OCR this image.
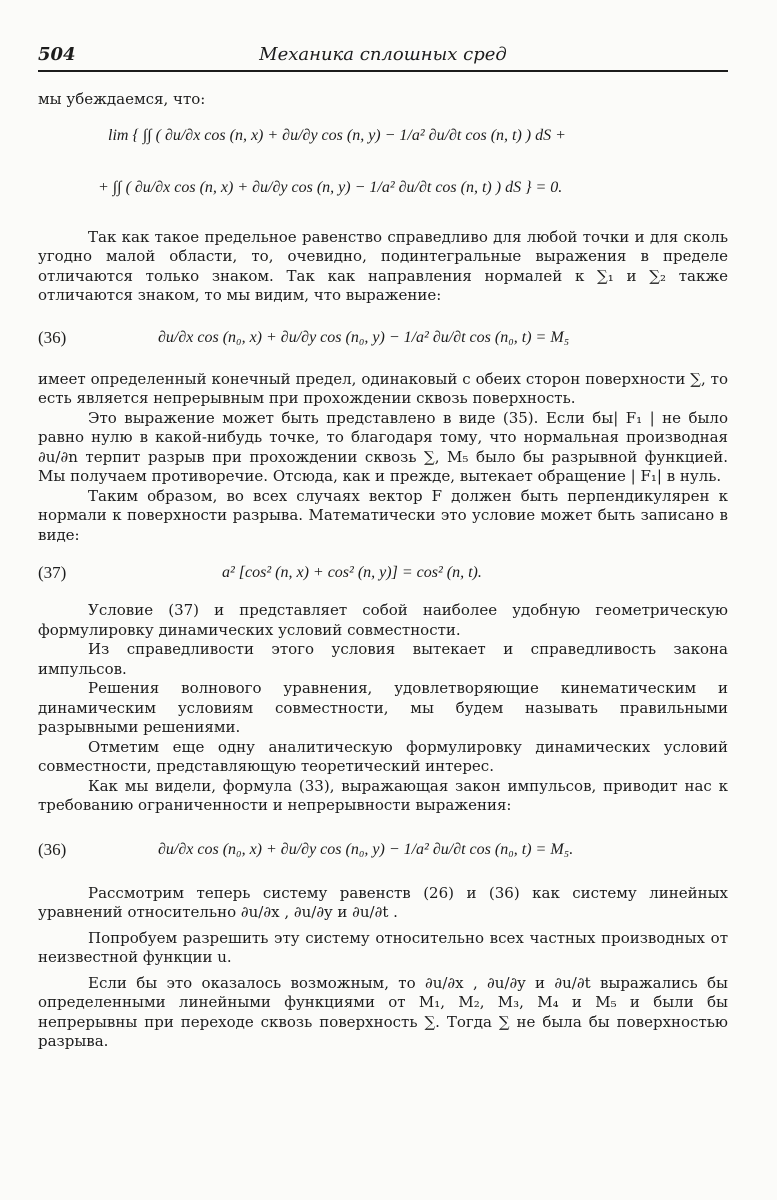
504	Механика сплошных сред

мы убеждаемся, что:

lim { ∫∫ ( ∂u/∂x cos (n, x) + ∂u/∂y cos (n, y) − 1/a² ∂u/∂t cos (n, t) ) dS +
+ ∫∫ ( ∂u/∂x cos (n, x) + ∂u/∂y cos (n, y) − 1/a² ∂u/∂t cos (n, t) ) dS } = 0.

Так как такое предельное равенство справедливо для любой точки и для сколь угодно малой области, то, очевидно, подинтегральные выражения в пределе отличаются только знаком. Так как направления нормалей к ∑₁ и ∑₂ также отличаются знаком, то мы видим, что выражение:

(36)	∂u/∂x cos (n₀, x) + ∂u/∂y cos (n₀, y) − 1/a² ∂u/∂t cos (n₀, t) = M₅

имеет определенный конечный предел, одинаковый с обеих сторон поверхности ∑, то есть является непрерывным при прохождении сквозь поверхность.

Это выражение может быть представлено в виде (35). Если бы| F₁ | не было равно нулю в какой-нибудь точке, то благодаря тому, что нормальная производная ∂u/∂n терпит разрыв при прохождении сквозь ∑, M₅ было бы разрывной функцией. Мы получаем противоречие. Отсюда, как и прежде, вытекает обращение | F₁| в нуль.

Таким образом, во всех случаях вектор F должен быть перпендикулярен к нормали к поверхности разрыва. Математически это условие может быть записано в виде:

(37)	a² [cos² (n, x) + cos² (n, y)] = cos² (n, t).

Условие (37) и представляет собой наиболее удобную геометрическую формулировку динамических условий совместности.

Из справедливости этого условия вытекает и справедливость закона импульсов.

Решения волнового уравнения, удовлетворяющие кинематическим и динамическим условиям совместности, мы будем называть правильными разрывными решениями.

Отметим еще одну аналитическую формулировку динамических условий совместности, представляющую теоретический интерес.

Как мы видели, формула (33), выражающая закон импульсов, приводит нас к требованию ограниченности и непрерывности выражения:

(36)	∂u/∂x cos (n₀, x) + ∂u/∂y cos (n₀, y) − 1/a² ∂u/∂t cos (n₀, t) = M₅.

Рассмотрим теперь систему равенств (26) и (36) как систему линейных уравнений относительно ∂u/∂x , ∂u/∂y и ∂u/∂t .

Попробуем разрешить эту систему относительно всех частных производных от неизвестной функции u.

Если бы это оказалось возможным, то ∂u/∂x , ∂u/∂y и ∂u/∂t выражались бы определенными линейными функциями от M₁, M₂, M₃, M₄ и M₅ и были бы непрерывны при переходе сквозь поверхность ∑. Тогда ∑ не была бы поверхностью разрыва.
